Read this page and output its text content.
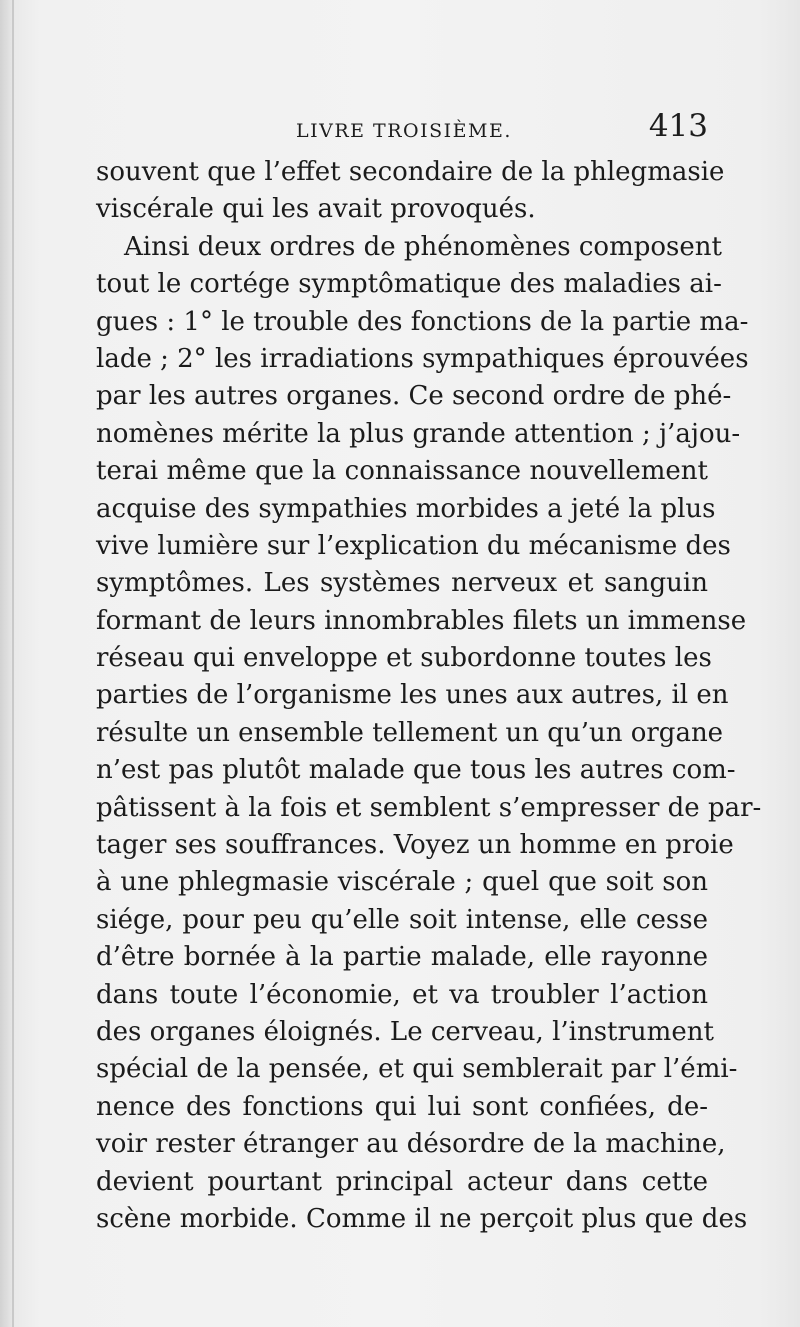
LIVRE TROISIÈME.	413
souvent que l’effet secondaire de la phlegmasie
viscérale qui les avait provoqués.
Ainsi deux ordres de phénomènes composent
tout le cortége symptômatique des maladies ai-
gues : 1° le trouble des fonctions de la partie ma-
lade ; 2° les irradiations sympathiques éprouvées
par les autres organes. Ce second ordre de phé-
nomènes mérite la plus grande attention ; j’ajou-
terai même que la connaissance nouvellement
acquise des sympathies morbides a jeté la plus
vive lumière sur l’explication du mécanisme des
symptômes. Les systèmes nerveux et sanguin
formant de leurs innombrables filets un immense
réseau qui enveloppe et subordonne toutes les
parties de l’organisme les unes aux autres, il en
résulte un ensemble tellement un qu’un organe
n’est pas plutôt malade que tous les autres com-
pâtissent à la fois et semblent s’empresser de par-
tager ses souffrances. Voyez un homme en proie
à une phlegmasie viscérale ; quel que soit son
siége, pour peu qu’elle soit intense, elle cesse
d’être bornée à la partie malade, elle rayonne
dans toute l’économie, et va troubler l’action
des organes éloignés. Le cerveau, l’instrument
spécial de la pensée, et qui semblerait par l’émi-
nence des fonctions qui lui sont confiées, de-
voir rester étranger au désordre de la machine,
devient pourtant principal acteur dans cette
scène morbide. Comme il ne perçoit plus que des
